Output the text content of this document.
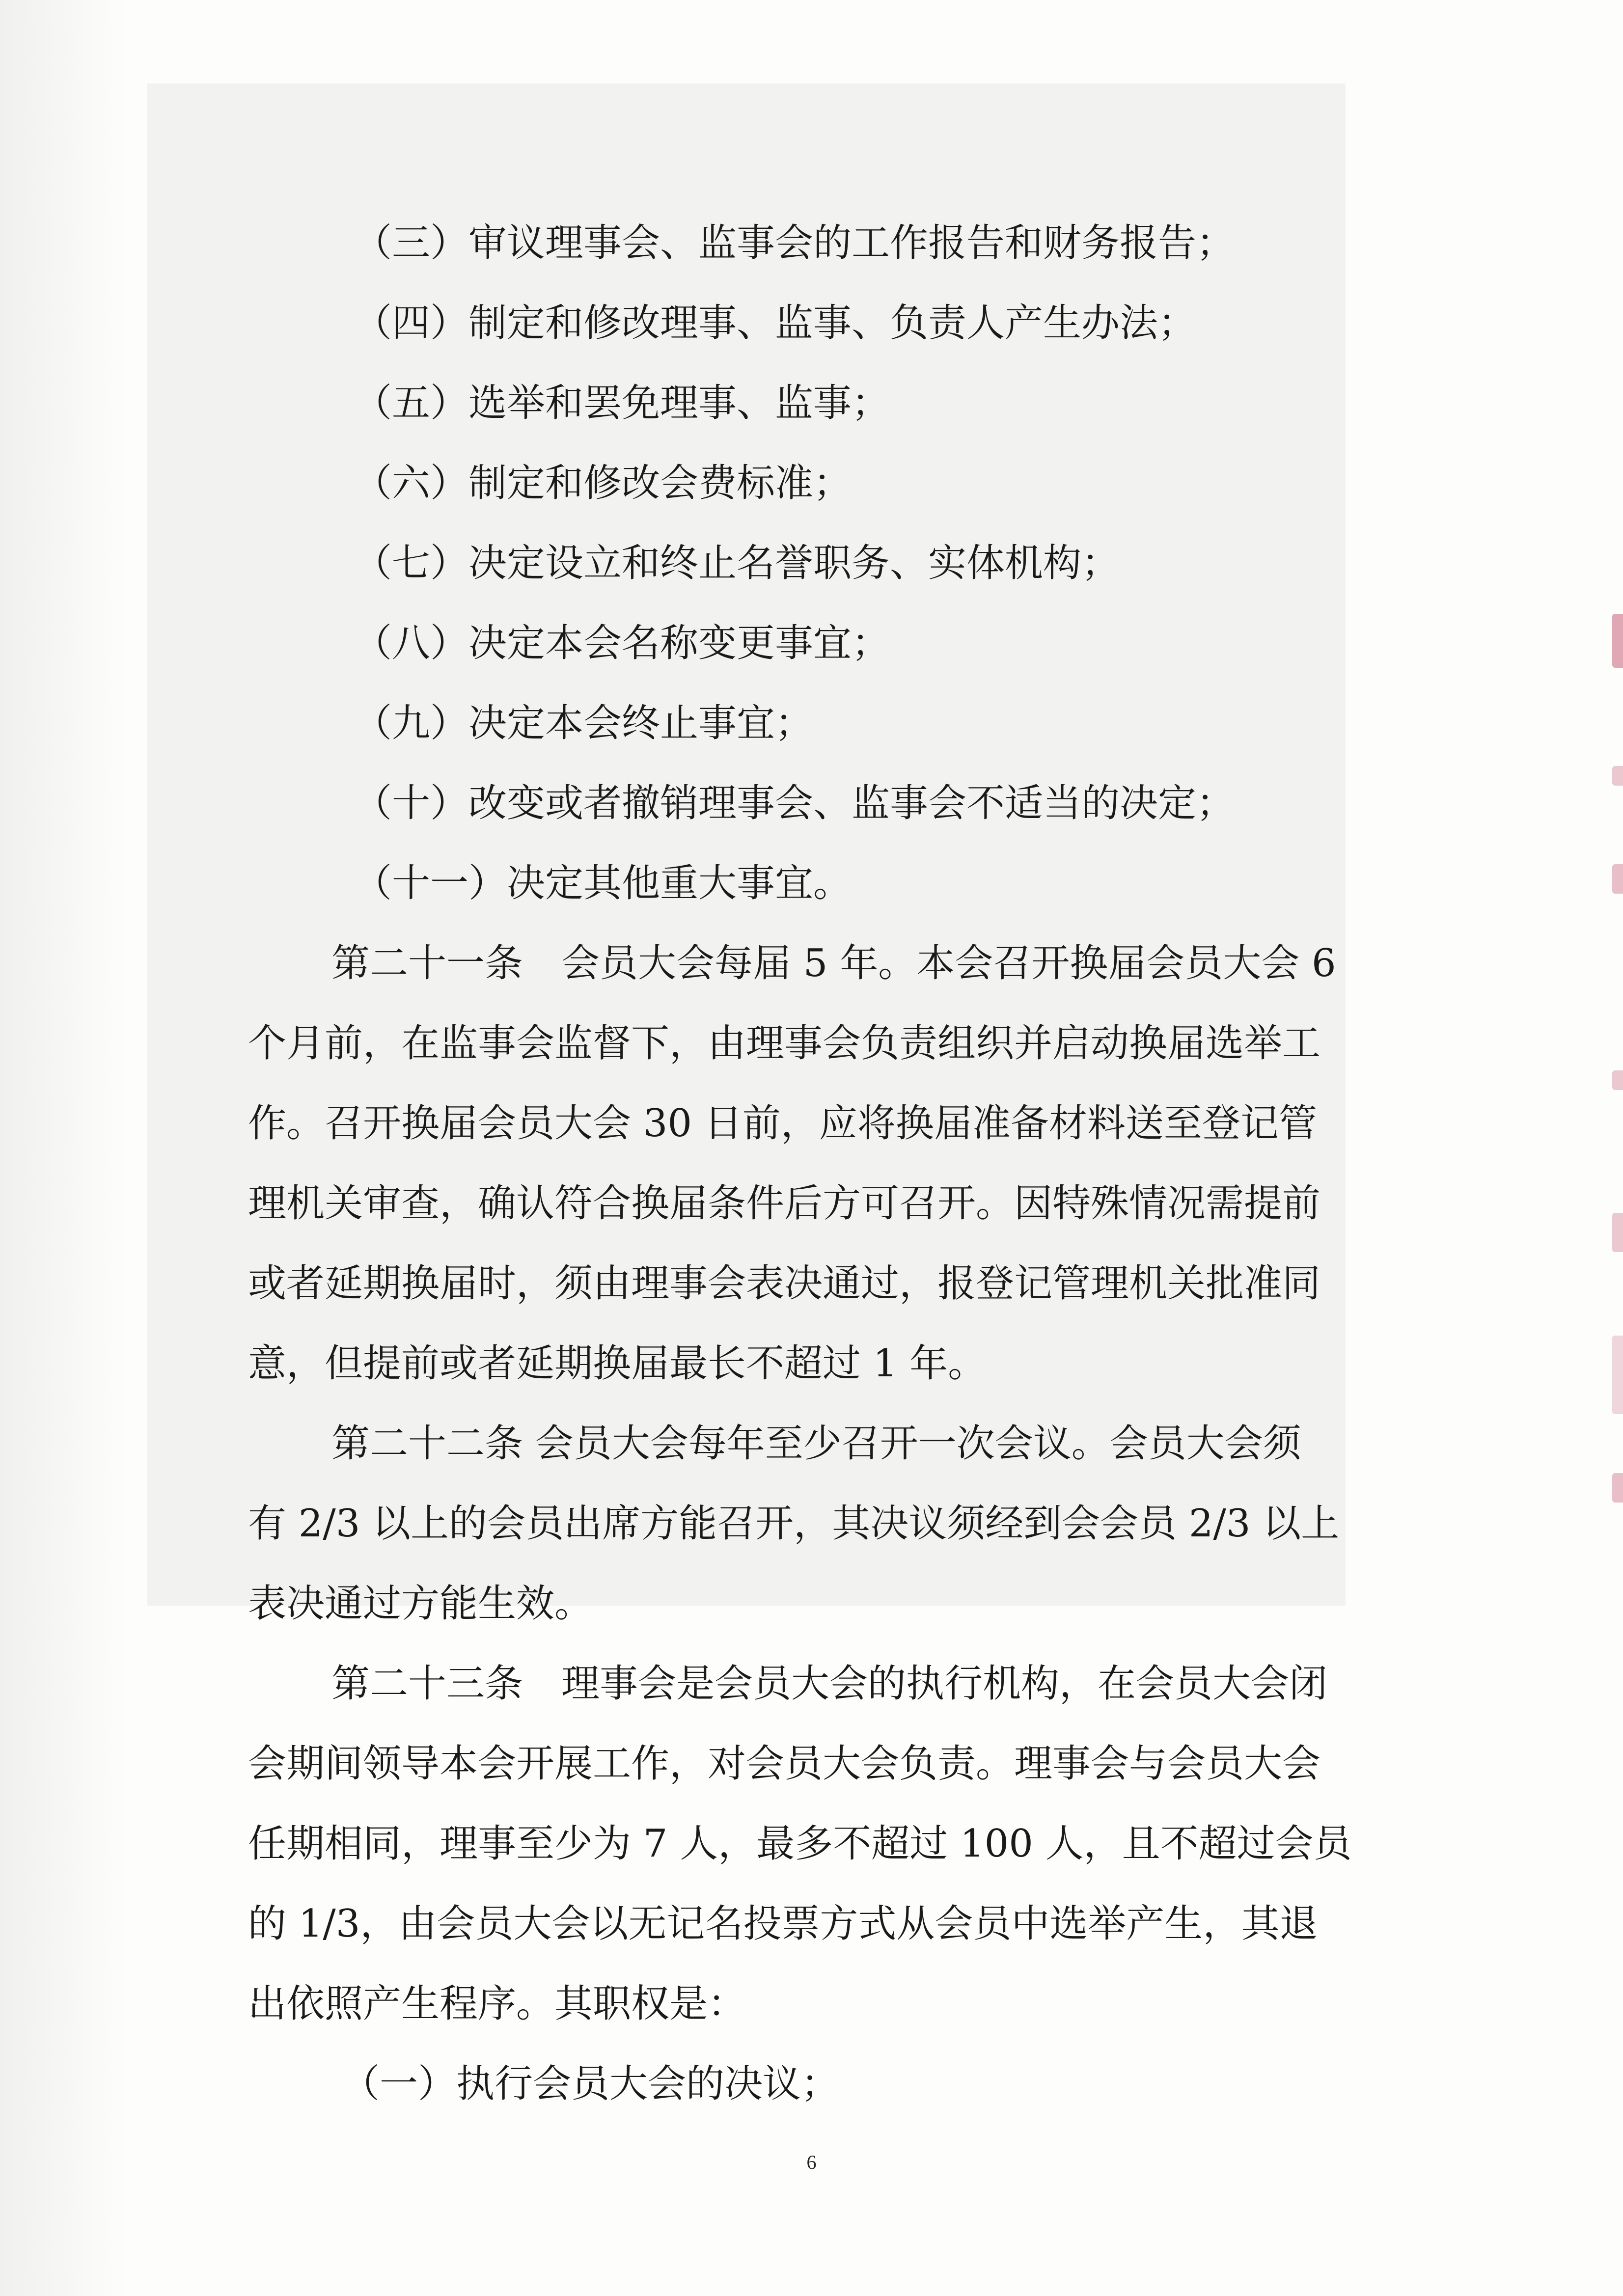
（三）审议理事会、监事会的工作报告和财务报告；
（四）制定和修改理事、监事、负责人产生办法；
（五）选举和罢免理事、监事；
（六）制定和修改会费标准；
（七）决定设立和终止名誉职务、实体机构；
（八）决定本会名称变更事宜；
（九）决定本会终止事宜；
（十）改变或者撤销理事会、监事会不适当的决定；
（十一）决定其他重大事宜。
第二十一条　会员大会每届 5 年。本会召开换届会员大会 6
个月前，在监事会监督下，由理事会负责组织并启动换届选举工
作。召开换届会员大会 30 日前，应将换届准备材料送至登记管
理机关审查，确认符合换届条件后方可召开。因特殊情况需提前
或者延期换届时，须由理事会表决通过，报登记管理机关批准同
意，但提前或者延期换届最长不超过 1 年。
第二十二条 会员大会每年至少召开一次会议。会员大会须
有 2/3 以上的会员出席方能召开，其决议须经到会会员 2/3 以上
表决通过方能生效。
第二十三条　理事会是会员大会的执行机构，在会员大会闭
会期间领导本会开展工作，对会员大会负责。理事会与会员大会
任期相同，理事至少为 7 人，最多不超过 100 人，且不超过会员
的 1/3，由会员大会以无记名投票方式从会员中选举产生，其退
出依照产生程序。其职权是：
（一）执行会员大会的决议；
6
